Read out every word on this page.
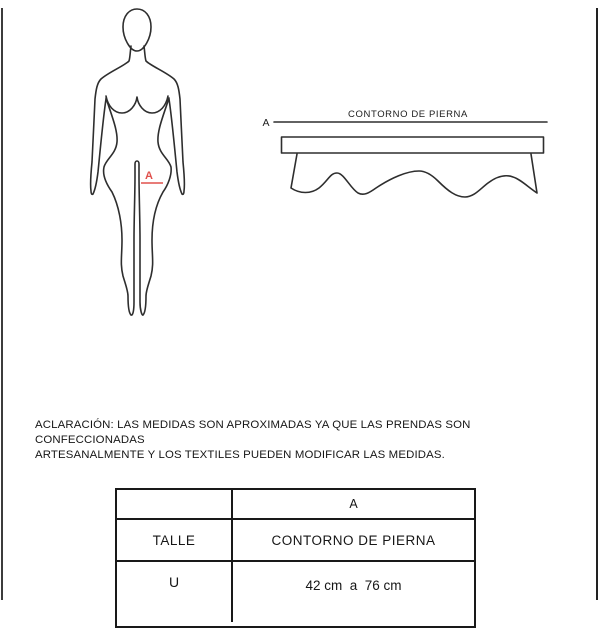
A
A
CONTORNO DE PIERNA
ACLARACIÓN: LAS MEDIDAS SON APROXIMADAS YA QUE LAS PRENDAS SON CONFECCIONADAS
ARTESANALMENTE Y LOS TEXTILES PUEDEN MODIFICAR LAS MEDIDAS.
A
TALLE	CONTORNO DE PIERNA
U	42 cm  a  76 cm
